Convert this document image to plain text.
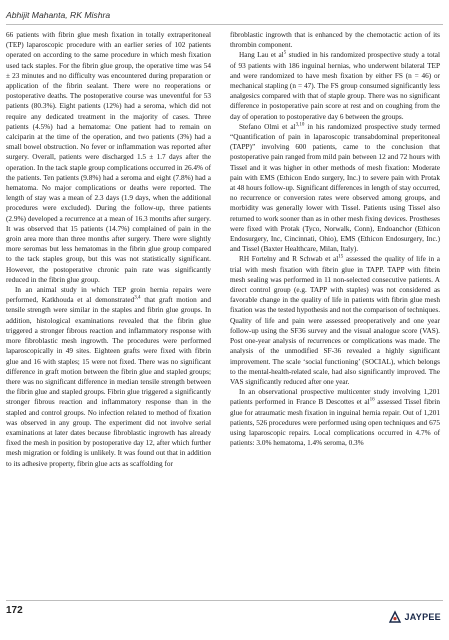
Abhijit Mahanta, RK Mishra

66 patients with fibrin glue mesh fixation in totally extraperitoneal (TEP) laparoscopic procedure with an earlier series of 102 patients operated on according to the same procedure in which mesh fixation used tack staples. For the fibrin glue group, the operative time was 54 ± 23 minutes and no difficulty was encountered during preparation or application of the fibrin sealant. There were no reoperations or postoperative deaths. The postoperative course was uneventful for 53 patients (80.3%). Eight patients (12%) had a seroma, which did not require any dedicated treatment in the majority of cases. Three patients (4.5%) had a hematoma: One patient had to remain on calciparin at the time of the operation, and two patients (3%) had a small bowel obstruction. No fever or inflammation was reported after surgery. Overall, patients were discharged 1.5 ± 1.7 days after the operation. In the tack staple group complications occurred in 26.4% of the patients. Ten patients (9.8%) had a seroma and eight (7.8%) had a hematoma. No major complications or deaths were reported. The length of stay was a mean of 2.3 days (1.9 days, when the additional procedures were excluded). During the follow-up, three patients (2.9%) developed a recurrence at a mean of 16.3 months after surgery. It was observed that 15 patients (14.7%) complained of pain in the groin area more than three months after surgery. There were slightly more seromas but less hematomas in the fibrin glue group compared to the tack staples group, but this was not statistically significant. However, the postoperative chronic pain rate was significantly reduced in the fibrin glue group.

In an animal study in which TEP groin hernia repairs were performed, Katkhouda et al demonstrated$^{3,4}$ that graft motion and tensile strength were similar in the staples and fibrin glue groups. In addition, histological examinations revealed that the fibrin glue triggered a stronger fibrous reaction and inflammatory response with more fibroblastic mesh ingrowth. The procedures were performed laparoscopically in 49 sites. Eighteen grafts were fixed with fibrin glue and 16 with staples; 15 were not fixed. There was no significant difference in graft motion between the fibrin glue and stapled groups; there was no significant difference in median tensile strength between the fibrin glue and stapled groups. Fibrin glue triggered a significantly stronger fibrous reaction and inflammatory response than in the stapled and control groups. No infection related to method of fixation was observed in any group. The experiment did not involve serial examinations at later dates because fibroblastic ingrowth has already fixed the mesh in position by postoperative day 12, after which further mesh migration or folding is unlikely. It was found out that in addition to its adhesive property, fibrin glue acts as scaffolding for

fibroblastic ingrowth that is enhanced by the chemotactic action of its thrombin component.

Hang Lau et $al^5$ studied in his randomized prospective study a total of 93 patients with 186 inguinal hernias, who underwent bilateral TEP and were randomized to have mesh fixation by either FS (n = 46) or mechanical stapling (n = 47). The FS group consumed significantly less analgesics compared with that of staple group. There was no significant difference in postoperative pain score at rest and on coughing from the day of operation to postoperative day 6 between the groups.

Stefano Olmi et al$^{3,10}$ in his randomized prospective study termed “Quantification of pain in laparoscopic transabdominal preperitoneal (TAPP)” involving 600 patients, came to the conclusion that postoperative pain ranged from mild pain between 12 and 72 hours with Tissel and it was higher in other methods of mesh fixation: Moderate pain with EMS (Ethicon Endo surgery, Inc.) to severe pain with Protak at 48 hours follow-up. Significant differences in length of stay occurred, no recurrence or conversion rates were observed among groups, and morbidity was generally lower with Tissel. Patients using Tissel also returned to work sooner than as in other mesh fixing devices. Prostheses were fixed with Protak (Tyco, Norwalk, Conn), Endoanchor (Ethicon Endosurgery, Inc, Cincinnati, Ohio), EMS (Ethicon Endosurgery, Inc.) and Tissel (Baxter Healthcare, Milan, Italy).

RH Fortelny and R Schwab et $al^{15}$ assessed the quality of life in a trial with mesh fixation with fibrin glue in TAPP. TAPP with fibrin mesh sealing was performed in 11 non-selected consecutive patients. A direct control group (e.g. TAPP with staples) was not considered as favorable change in the quality of life in patients with fibrin glue mesh fixation was the tested hypothesis and not the comparison of techniques. Quality of life and pain were assessed preoperatively and one year follow-up using the SF36 survey and the visual analogue score (VAS). Post one-year analysis of recurrences or complications was made. The analysis of the unmodified SF-36 revealed a highly significant improvement. The scale ‘social functioning’ (SOCIAL), which belongs to the mental-health-related scale, had also significantly improved. The VAS significantly reduced after one year.

In an observational prospective multicenter study involving 1,201 patients performed in France B Descottes et $al^{16}$ assessed Tissel fibrin glue for atraumatic mesh fixation in inguinal hernia repair. Out of 1,201 patients, 526 procedures were performed using open techniques and 675 using laparoscopic repairs. Local complications occurred in 4.7% of patients: 3.0% hematoma, 1.4% seroma, 0.3%

172
JAYPEE
